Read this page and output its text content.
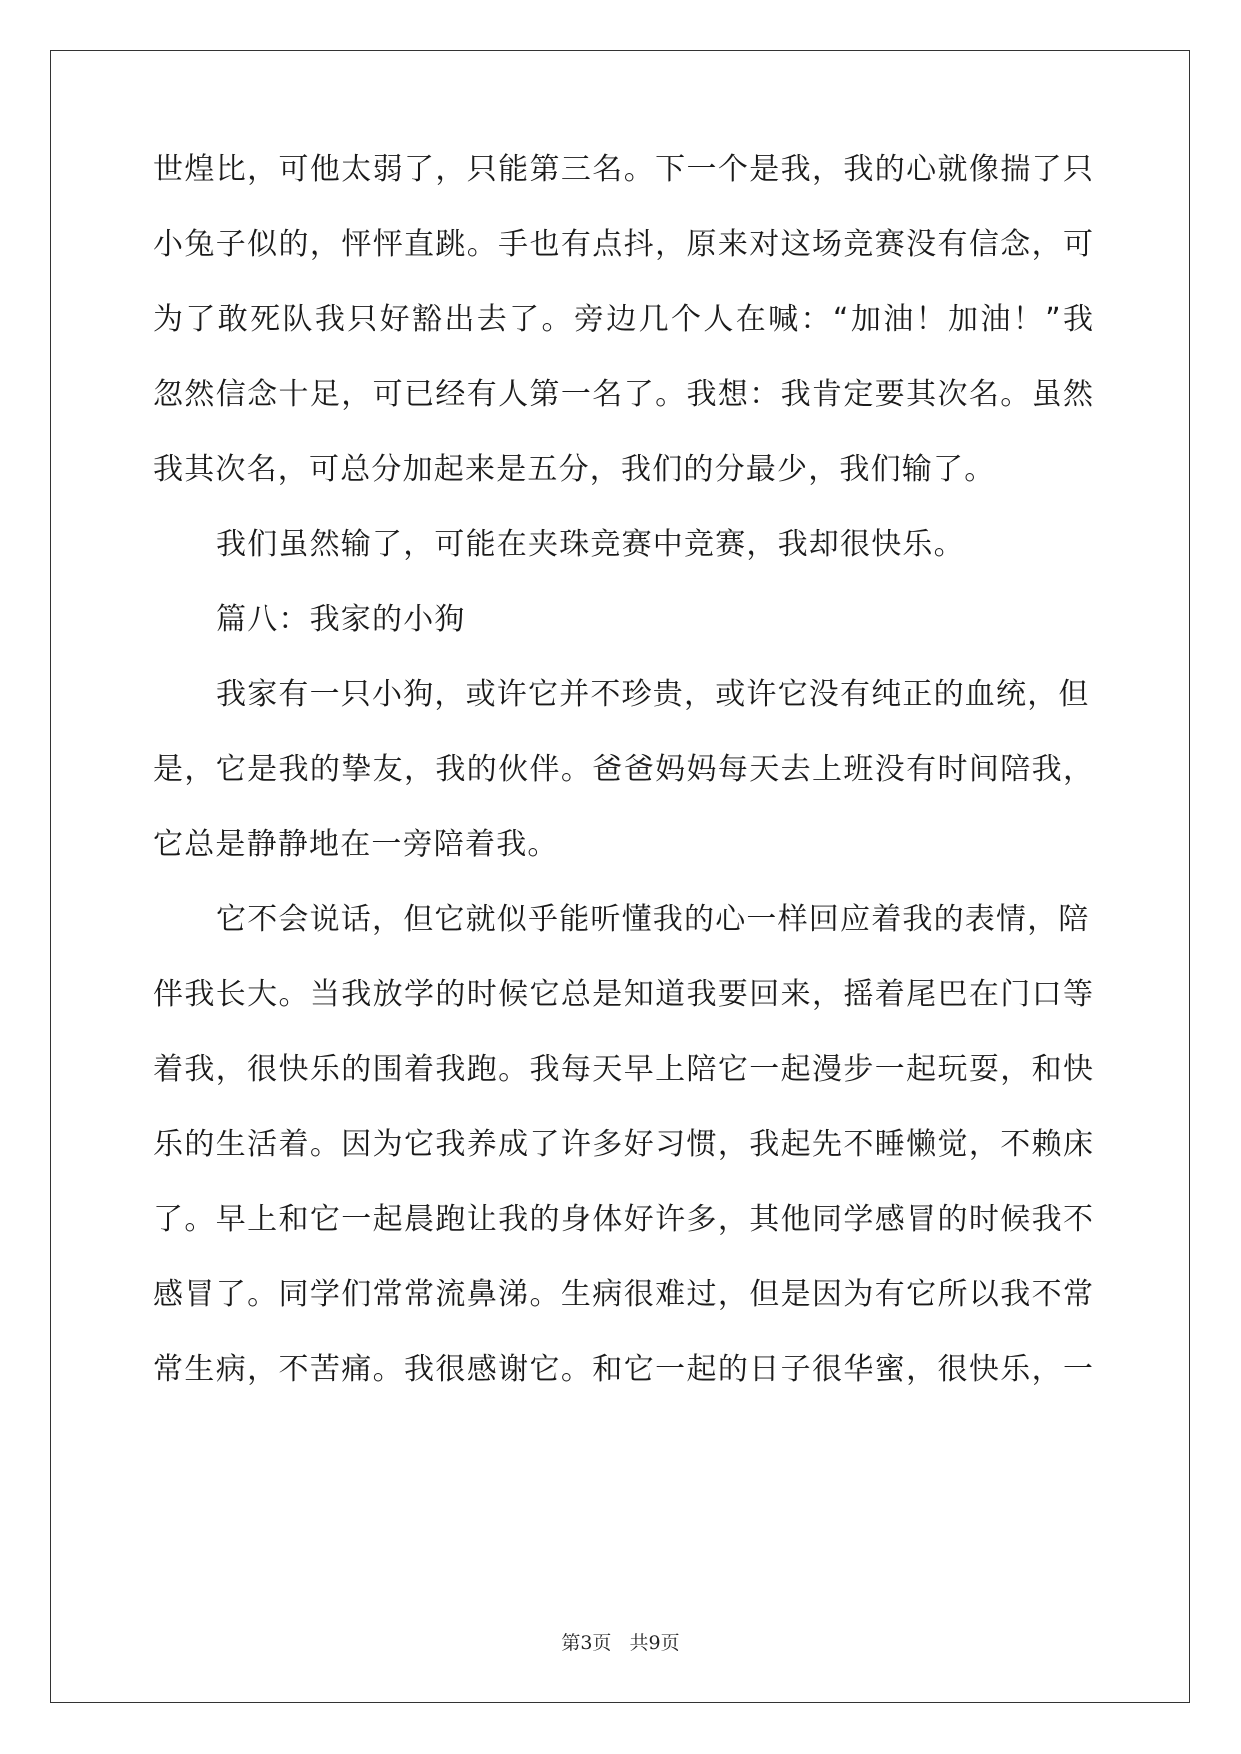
世煌比，可他太弱了，只能第三名。下一个是我，我的心就像揣了只
小兔子似的，怦怦直跳。手也有点抖，原来对这场竞赛没有信念，可
为了敢死队我只好豁出去了。旁边几个人在喊：“加油！加油！”我
忽然信念十足，可已经有人第一名了。我想：我肯定要其次名。虽然
我其次名，可总分加起来是五分，我们的分最少，我们输了。
我们虽然输了，可能在夹珠竞赛中竞赛，我却很快乐。
篇八：我家的小狗
我家有一只小狗，或许它并不珍贵，或许它没有纯正的血统，但
是，它是我的挚友，我的伙伴。爸爸妈妈每天去上班没有时间陪我，
它总是静静地在一旁陪着我。
它不会说话，但它就似乎能听懂我的心一样回应着我的表情，陪
伴我长大。当我放学的时候它总是知道我要回来，摇着尾巴在门口等
着我，很快乐的围着我跑。我每天早上陪它一起漫步一起玩耍，和快
乐的生活着。因为它我养成了许多好习惯，我起先不睡懒觉，不赖床
了。早上和它一起晨跑让我的身体好许多，其他同学感冒的时候我不
感冒了。同学们常常流鼻涕。生病很难过，但是因为有它所以我不常
常生病，不苦痛。我很感谢它。和它一起的日子很华蜜，很快乐，一
第3页   共9页
